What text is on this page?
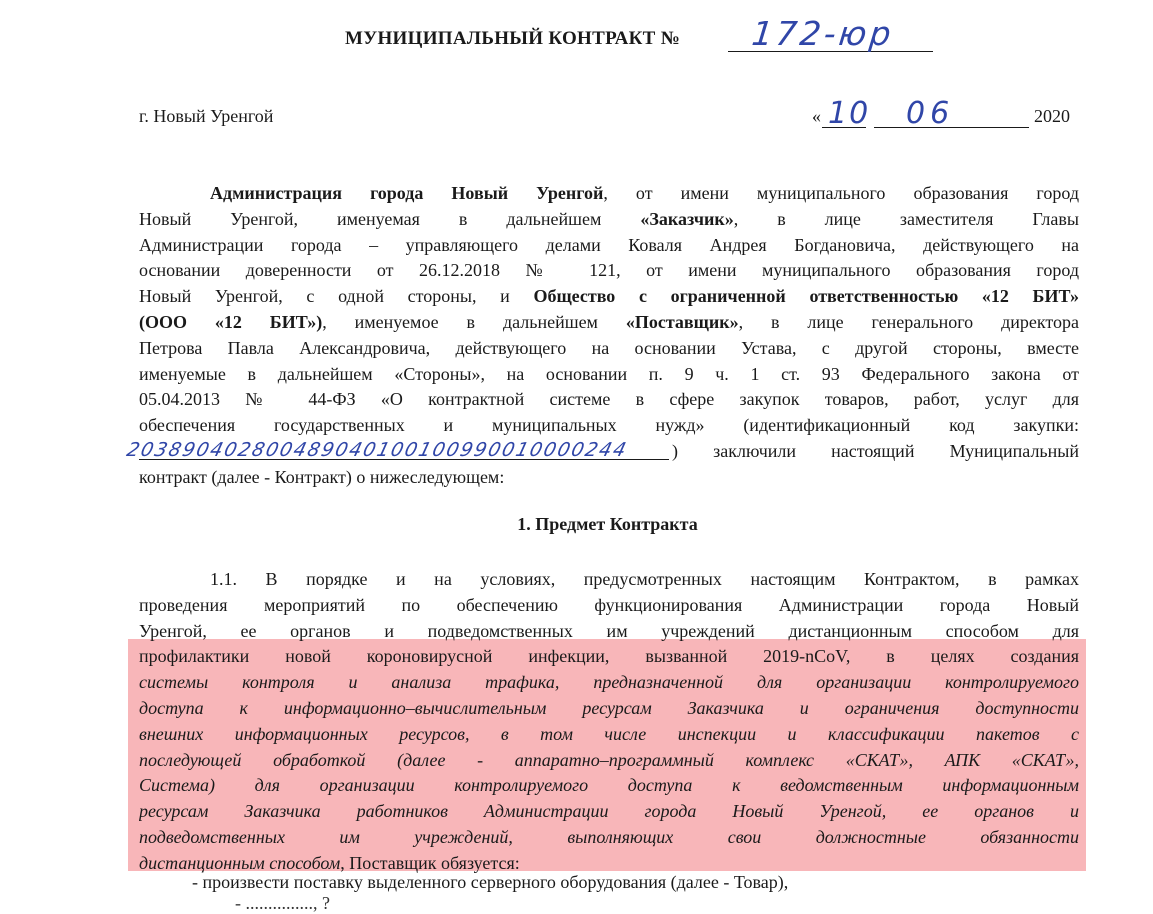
МУНИЦИПАЛЬНЫЙ КОНТРАКТ № 172-юр
г. Новый Уренгой	« 10 06	2020
Администрация города Новый Уренгой, от имени муниципального образования город
Новый Уренгой, именуемая в дальнейшем «Заказчик», в лице заместителя Главы
Администрации города – управляющего делами Коваля Андрея Богдановича, действующего на
основании доверенности от 26.12.2018 № 121, от имени муниципального образования город
Новый Уренгой, с одной стороны, и Общество с ограниченной ответственностью «12 БИТ»
(ООО «12 БИТ»), именуемое в дальнейшем «Поставщик», в лице генерального директора
Петрова Павла Александровича, действующего на основании Устава, с другой стороны, вместе
именуемые в дальнейшем «Стороны», на основании п. 9 ч. 1 ст. 93 Федерального закона от
05.04.2013 № 44-ФЗ «О контрактной системе в сфере закупок товаров, работ, услуг для
обеспечения государственных и муниципальных нужд» (идентификационный код закупки:
203890402800489040100100990010000244 ) заключили настоящий Муниципальный
контракт (далее - Контракт) о нижеследующем:
1. Предмет Контракта
1.1. В порядке и на условиях, предусмотренных настоящим Контрактом, в рамках
проведения мероприятий по обеспечению функционирования Администрации города Новый
Уренгой, ее органов и подведомственных им учреждений дистанционным способом для
профилактики новой короновирусной инфекции, вызванной 2019-nCoV, в целях создания
системы контроля и анализа трафика, предназначенной для организации контролируемого
доступа к информационно–вычислительным ресурсам Заказчика и ограничения доступности
внешних информационных ресурсов, в том числе инспекции и классификации пакетов с
последующей обработкой (далее - аппаратно–программный комплекс «СКАТ», АПК «СКАТ»,
Система) для организации контролируемого доступа к ведомственным информационным
ресурсам Заказчика работников Администрации города Новый Уренгой, ее органов и
подведомственных им учреждений, выполняющих свои должностные обязанности
дистанционным способом, Поставщик обязуется:
- произвести поставку выделенного серверного оборудования (далее - Товар),
- ..............., ?
